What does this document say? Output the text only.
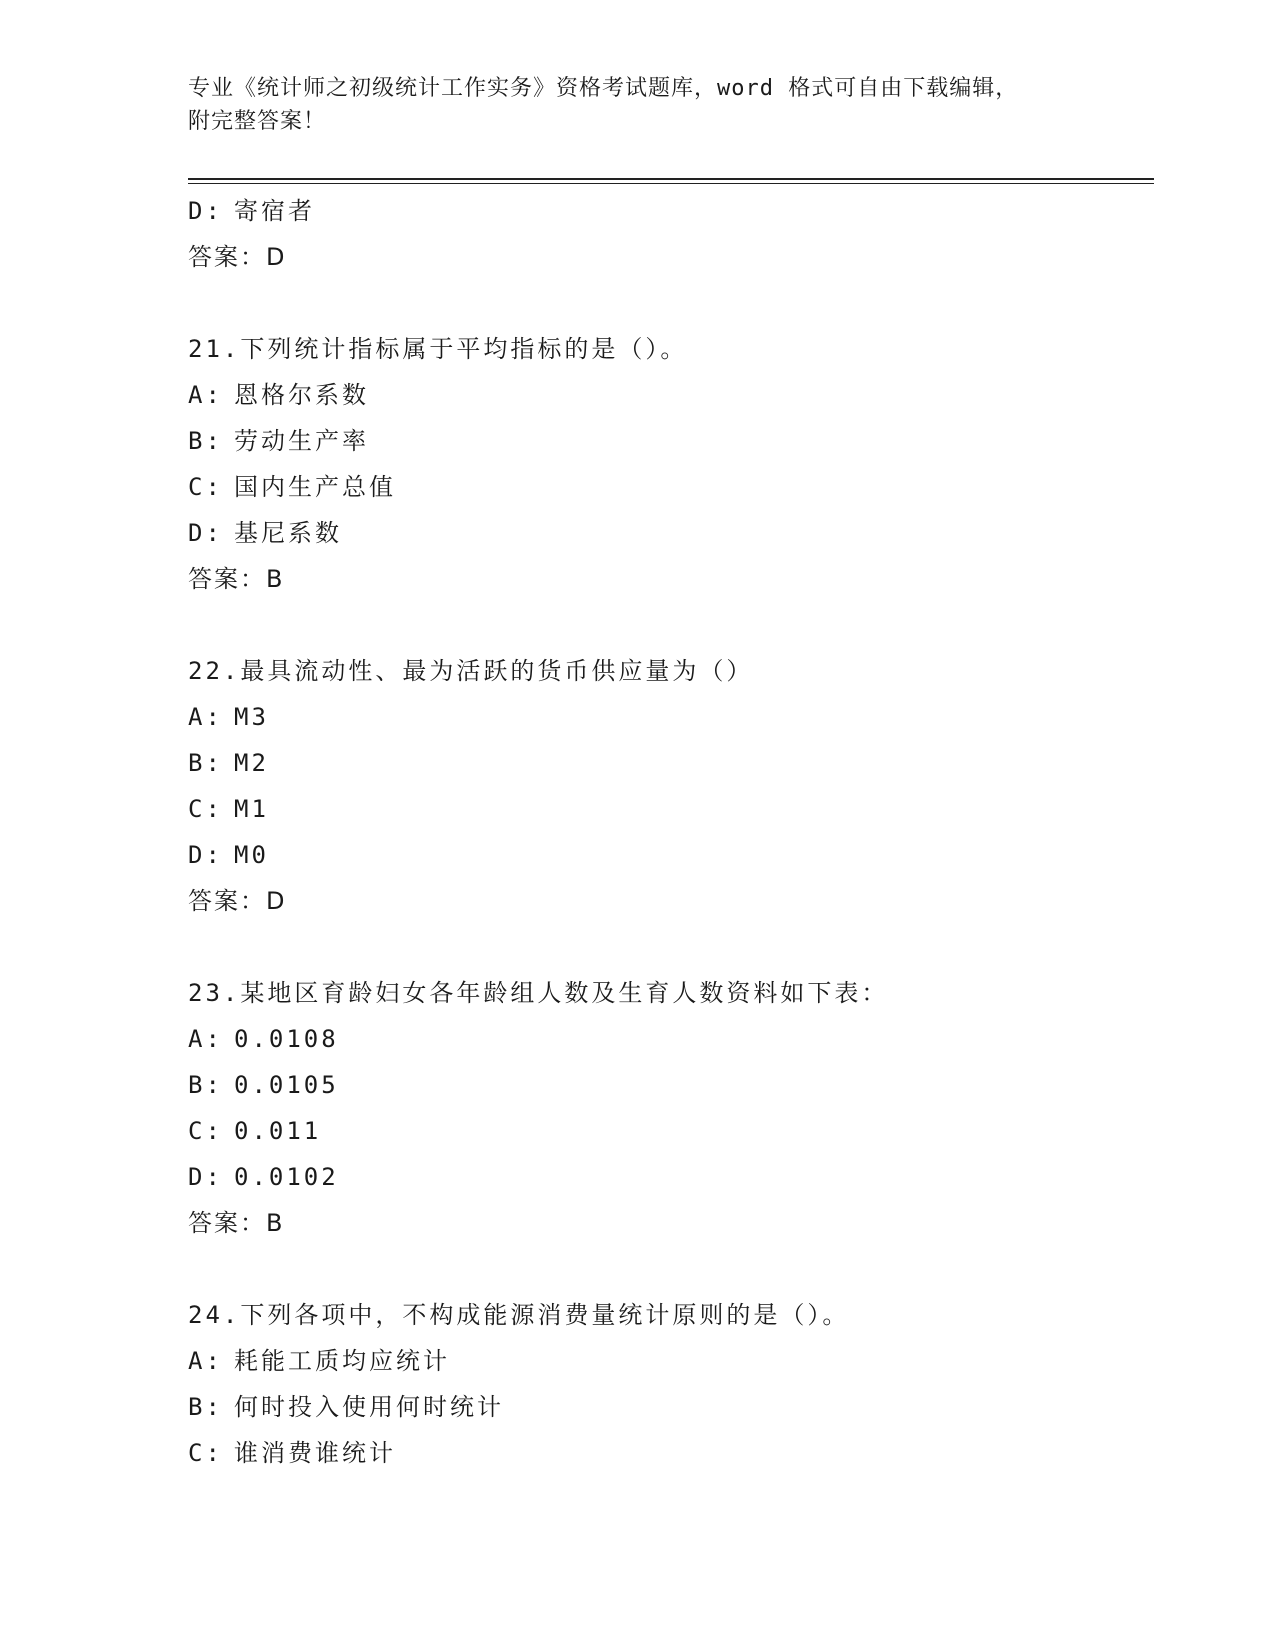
专业《统计师之初级统计工作实务》资格考试题库，word 格式可自由下载编辑，
附完整答案！
D: 寄宿者
答案：D
21.下列统计指标属于平均指标的是（）。
A: 恩格尔系数
B: 劳动生产率
C: 国内生产总值
D: 基尼系数
答案：B
22.最具流动性、最为活跃的货币供应量为（）
A: M3
B: M2
C: M1
D: M0
答案：D
23.某地区育龄妇女各年龄组人数及生育人数资料如下表：
A: 0.0108
B: 0.0105
C: 0.011
D: 0.0102
答案：B
24.下列各项中，不构成能源消费量统计原则的是（）。
A: 耗能工质均应统计
B: 何时投入使用何时统计
C: 谁消费谁统计
